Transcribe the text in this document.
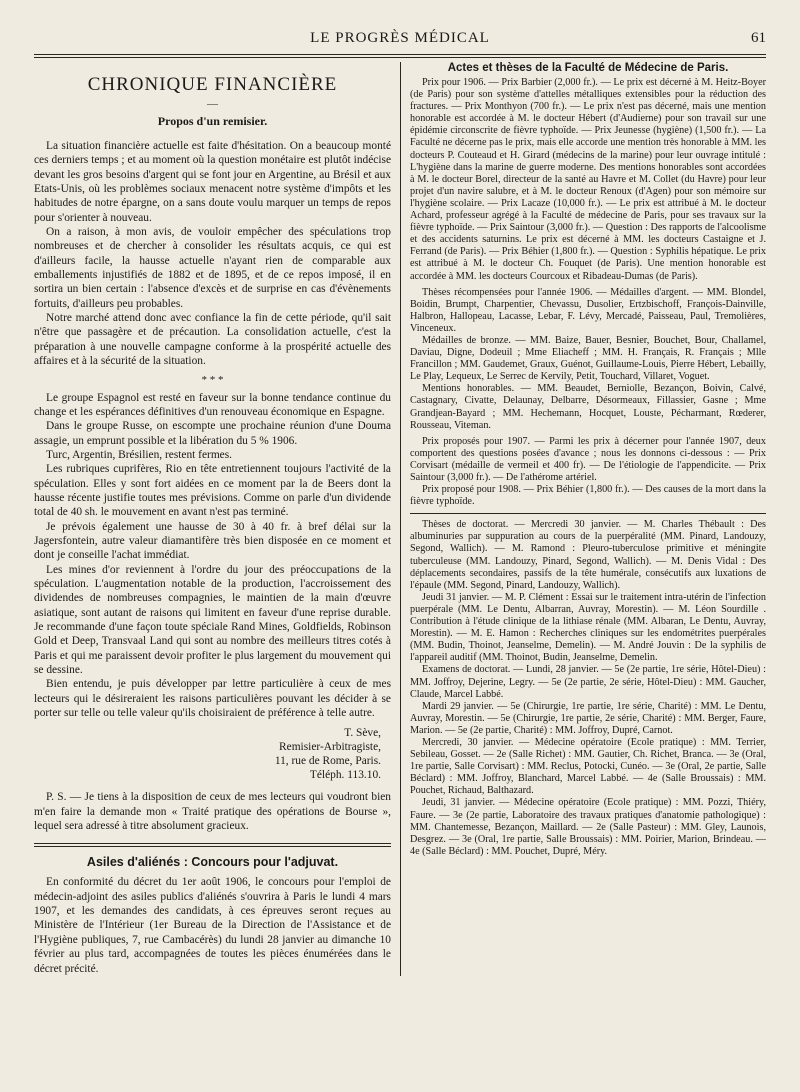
LE PROGRÈS MÉDICAL	61
CHRONIQUE FINANCIÈRE
—
Propos d'un remisier.

La situation financière actuelle est faite d'hésitation. On a beaucoup monté ces derniers temps ; et au moment où la question monétaire est plutôt indécise devant les gros besoins d'argent qui se font jour en Argentine, au Brésil et aux Etats-Unis, où les problèmes sociaux menacent notre système d'impôts et les habitudes de notre épargne, on a sans doute voulu marquer un temps de repos pour s'orienter à nouveau.

On a raison, à mon avis, de vouloir empêcher des spéculations trop nombreuses et de chercher à consolider les résultats acquis, ce qui est d'ailleurs facile, la hausse actuelle n'ayant rien de comparable aux emballements injustifiés de 1882 et de 1895, et de ce repos imposé, il en sortira un bien certain : l'absence d'excès et de surprise en cas d'évènements fortuits, d'ailleurs peu probables.

Notre marché attend donc avec confiance la fin de cette période, qu'il sait n'être que passagère et de précaution. La consolidation actuelle, c'est la préparation à une nouvelle campagne conforme à la prospérité actuelle des affaires et à la sécurité de la situation.

* * *

Le groupe Espagnol est resté en faveur sur la bonne tendance continue du change et les espérances définitives d'un renouveau économique en Espagne.

Dans le groupe Russe, on escompte une prochaine réunion d'une Douma assagie, un emprunt possible et la libération du 5 % 1906.

Turc, Argentin, Brésilien, restent fermes.

Les rubriques cuprifères, Rio en tête entretiennent toujours l'activité de la spéculation. Elles y sont fort aidées en ce moment par la de Beers dont la hausse récente justifie toutes mes prévisions. Comme on parle d'un dividende total de 40 sh. le mouvement en avant n'est pas terminé.

Je prévois également une hausse de 30 à 40 fr. à bref délai sur la Jagersfontein, autre valeur diamantifère très bien disposée en ce moment et dont je conseille l'achat immédiat.

Les mines d'or reviennent à l'ordre du jour des préoccupations de la spéculation. L'augmentation notable de la production, l'accroissement des dividendes de nombreuses compagnies, le maintien de la main d'œuvre asiatique, sont autant de raisons qui limitent en faveur d'une reprise durable. Je recommande d'une façon toute spéciale Rand Mines, Goldfields, Robinson Gold et Deep, Transvaal Land qui sont au nombre des meilleurs titres cotés à Paris et qui me paraissent devoir profiter le plus largement du mouvement qui se dessine.

Bien entendu, je puis développer par lettre particulière à ceux de mes lecteurs qui le désireraient les raisons particulières pouvant les décider à se porter sur telle ou telle valeur qu'ils choisiraient de préférence à telle autre.

T. Sève,
Remisier-Arbitragiste,
11, rue de Rome, Paris.
Téléph. 113.10.

P. S. — Je tiens à la disposition de ceux de mes lecteurs qui voudront bien m'en faire la demande mon « Traité pratique des opérations de Bourse », lequel sera adressé à titre absolument gracieux.

Asiles d'aliénés : Concours pour l'adjuvat.

En conformité du décret du 1er août 1906, le concours pour l'emploi de médecin-adjoint des asiles publics d'aliénés s'ouvrira à Paris le lundi 4 mars 1907, et les demandes des candidats, à ces épreuves seront reçues au Ministère de l'Intérieur (1er Bureau de la Direction de l'Assistance et de l'Hygiène publiques, 7, rue Cambacérès) du lundi 28 janvier au dimanche 10 février au plus tard, accompagnées de toutes les pièces énumérées dans le décret précité.

Actes et thèses de la Faculté de Médecine de Paris.

Prix pour 1906. — Prix Barbier (2,000 fr.). — Le prix est décerné à M. Heitz-Boyer (de Paris) pour son système d'attelles métalliques extensibles pour la réduction des fractures. — Prix Monthyon (700 fr.). — Le prix n'est pas décerné, mais une mention honorable est accordée à M. le docteur Hébert (d'Audierne) pour son travail sur une épidémie circonscrite de fièvre typhoïde. — Prix Jeunesse (hygiène) (1,500 fr.). — La Faculté ne décerne pas le prix, mais elle accorde une mention très honorable à MM. les docteurs P. Couteaud et H. Girard (médecins de la marine) pour leur ouvrage intitulé : L'hygiène dans la marine de guerre moderne. Des mentions honorables sont accordées à M. le docteur Borel, directeur de la santé au Havre et M. Collet (du Havre) pour leur projet d'un navire salubre, et à M. le docteur Renoux (d'Agen) pour son mémoire sur l'hygiène scolaire. — Prix Lacaze (10,000 fr.). — Le prix est attribué à M. le docteur Achard, professeur agrégé à la Faculté de médecine de Paris, pour ses travaux sur la fièvre typhoïde. — Prix Saintour (3,000 fr.). — Question : Des rapports de l'alcoolisme et des accidents saturnins. Le prix est décerné à MM. les docteurs Castaigne et J. Ferrand (de Paris). — Prix Béhier (1,800 fr.). — Question : Syphilis hépatique. Le prix est attribué à M. le docteur Ch. Fouquet (de Paris). Une mention honorable est accordée à MM. les docteurs Courcoux et Ribadeau-Dumas (de Paris).

Thèses récompensées pour l'année 1906. — Médailles d'argent. — MM. Blondel, Boidin, Brumpt, Charpentier, Chevassu, Dusolier, Ertzbischoff, François-Dainville, Halbron, Hallopeau, Lacasse, Lebar, F. Lévy, Mercadé, Paisseau, Paul, Tremolières, Vinceneux.

Médailles de bronze. — MM. Baize, Bauer, Besnier, Bouchet, Bour, Challamel, Daviau, Digne, Dodeuil ; Mme Eliacheff ; MM. H. Français, R. Français ; Mlle Francillon ; MM. Gaudemet, Graux, Guénot, Guillaume-Louis, Pierre Hébert, Lebailly, Le Play, Lequeux, Le Serrec de Kervily, Petit, Touchard, Villaret, Voguet.

Mentions honorables. — MM. Beaudet, Berniolle, Bezançon, Boivin, Calvé, Castagnary, Civatte, Delaunay, Delbarre, Désormeaux, Fillassier, Gasne ; Mme Grandjean-Bayard ; MM. Hechemann, Hocquet, Louste, Pécharmant, Rœderer, Rousseau, Viteman.

Prix proposés pour 1907. — Parmi les prix à décerner pour l'année 1907, deux comportent des questions posées d'avance ; nous les donnons ci-dessous : — Prix Corvisart (médaille de vermeil et 400 fr). — De l'étiologie de l'appendicite. — Prix Saintour (3,000 fr.). — De l'athérome artériel.

Prix proposé pour 1908. — Prix Béhier (1,800 fr.). — Des causes de la mort dans la fièvre typhoïde.

Thèses de doctorat. — Mercredi 30 janvier. — M. Charles Thébault : Des albuminuries par suppuration au cours de la puerpéralité (MM. Pinard, Landouzy, Segond, Wallich). — M. Ramond : Pleuro-tuberculose primitive et méningite tuberculeuse (MM. Landouzy, Pinard, Segond, Wallich). — M. Denis Vidal : Des déplacements secondaires, passifs de la tête humérale, consécutifs aux luxations de l'épaule (MM. Segond, Pinard, Landouzy, Wallich).

Jeudi 31 janvier. — M. P. Clément : Essai sur le traitement intra-utérin de l'infection puerpérale (MM. Le Dentu, Albarran, Auvray, Morestin). — M. Léon Sourdille . Contribution à l'étude clinique de la lithiase rénale (MM. Albaran, Le Dentu, Auvray, Morestin). — M. E. Hamon : Recherches cliniques sur les endométrites puerpérales (MM. Budin, Thoinot, Jeanselme, Demelin). — M. André Jouvin : De la syphilis de l'appareil auditif (MM. Thoinot, Budin, Jeanselme, Demelin.

Examens de doctorat. — Lundi, 28 janvier. — 5e (2e partie, 1re série, Hôtel-Dieu) : MM. Joffroy, Dejerine, Legry. — 5e (2e partie, 2e série, Hôtel-Dieu) : MM. Gaucher, Claude, Marcel Labbé.

Mardi 29 janvier. — 5e (Chirurgie, 1re partie, 1re série, Charité) : MM. Le Dentu, Auvray, Morestin. — 5e (Chirurgie, 1re partie, 2e série, Charité) : MM. Berger, Faure, Marion. — 5e (2e partie, Charité) : MM. Joffroy, Dupré, Carnot.

Mercredi, 30 janvier. — Médecine opératoire (Ecole pratique) : MM. Terrier, Sebileau, Gosset. — 2e (Salle Richet) : MM. Gautier, Ch. Richet, Branca. — 3e (Oral, 1re partie, Salle Corvisart) : MM. Reclus, Potocki, Cunéo. — 3e (Oral, 2e partie, Salle Béclard) : MM. Joffroy, Blanchard, Marcel Labbé. — 4e (Salle Broussais) : MM. Pouchet, Richaud, Balthazard.

Jeudi, 31 janvier. — Médecine opératoire (Ecole pratique) : MM. Pozzi, Thiéry, Faure. — 3e (2e partie, Laboratoire des travaux pratiques d'anatomie pathologique) : MM. Chantemesse, Bezançon, Maillard. — 2e (Salle Pasteur) : MM. Gley, Launois, Desgrez. — 3e (Oral, 1re partie, Salle Broussais) : MM. Poirier, Marion, Brindeau. — 4e (Salle Béclard) : MM. Pouchet, Dupré, Méry.
